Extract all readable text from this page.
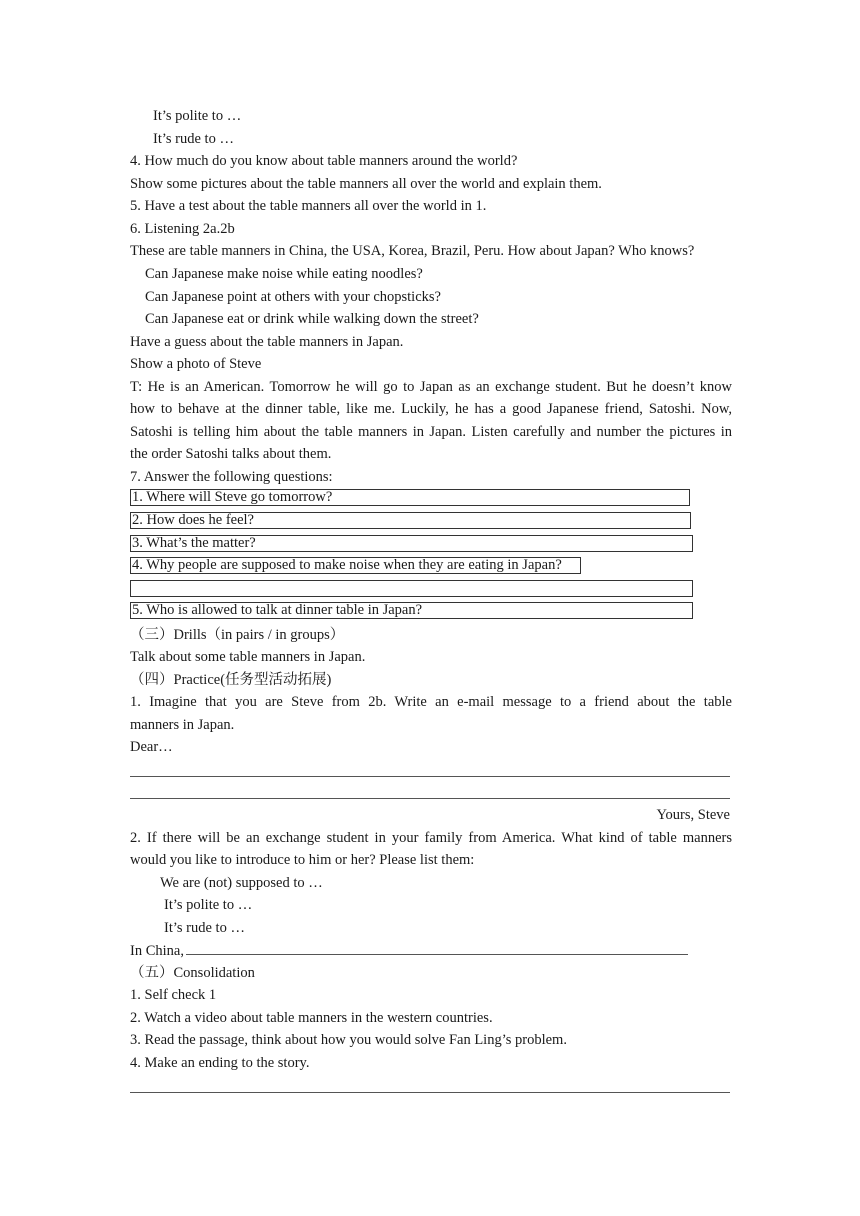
It’s polite to …
It’s rude to …
4. How much do you know about table manners around the world?
Show some pictures about the table manners all over the world and explain them.
5. Have a test about the table manners all over the world in 1.
6. Listening 2a.2b
These are table manners in China, the USA, Korea, Brazil, Peru. How about Japan? Who knows?
Can Japanese make noise while eating noodles?
Can Japanese point at others with your chopsticks?
Can Japanese eat or drink while walking down the street?
Have a guess about the table manners in Japan.
Show a photo of Steve
T: He is an American. Tomorrow he will go to Japan as an exchange student. But he doesn’t know
how to behave at the dinner table, like me. Luckily, he has a good Japanese friend, Satoshi. Now,
Satoshi is telling him about the table manners in Japan. Listen carefully and number the pictures in
the order Satoshi talks about them.
7. Answer the following questions:
1. Where will Steve go tomorrow?
2. How does he feel?
3. What’s the matter?
4. Why people are supposed to make noise when they are eating in Japan?
5. Who is allowed to talk at dinner table in Japan?
（三）Drills（in pairs / in groups）
Talk about some table manners in Japan.
（四）Practice(任务型活动拓展)
1. Imagine that you are Steve from 2b. Write an e-mail message to a friend about the table
manners in Japan.
Dear…
Yours, Steve
2. If there will be an exchange student in your family from America. What kind of table manners
would you like to introduce to him or her? Please list them:
We are (not) supposed to …
It’s polite to …
It’s rude to …
In China,
（五）Consolidation
1. Self check 1
2. Watch a video about table manners in the western countries.
3. Read the passage, think about how you would solve Fan Ling’s problem.
4. Make an ending to the story.
